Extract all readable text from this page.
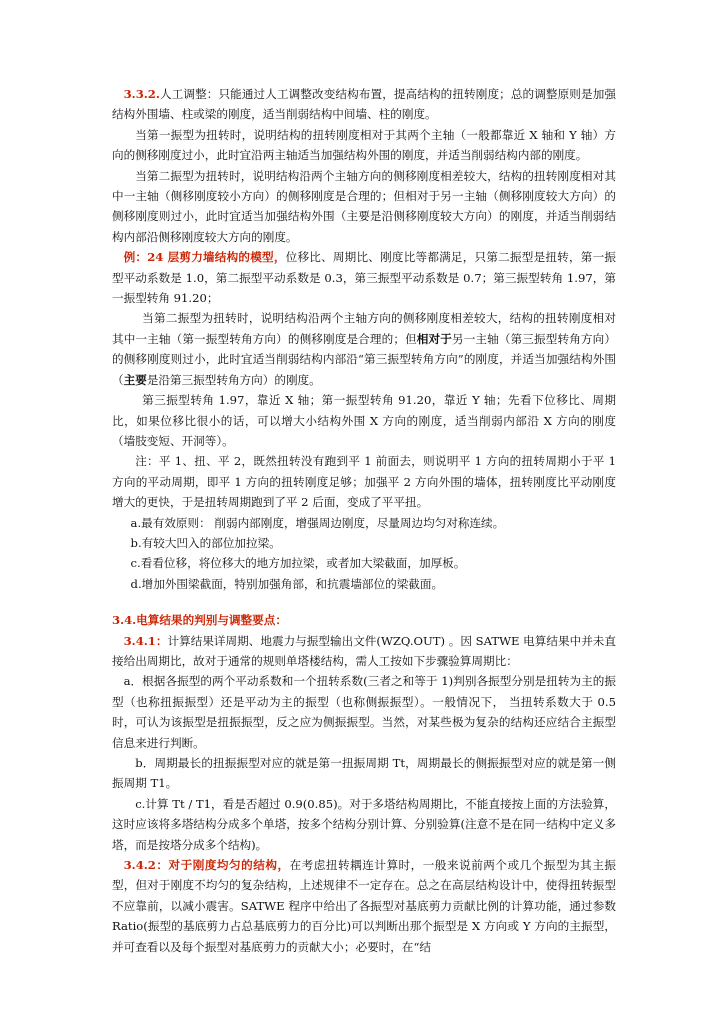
3.3.2.人工调整：只能通过人工调整改变结构布置，提高结构的扭转刚度；总的调整原则是加强结构外围墙、柱或梁的刚度，适当削弱结构中间墙、柱的刚度。

当第一振型为扭转时，说明结构的扭转刚度相对于其两个主轴（一般都靠近 X 轴和 Y 轴）方向的侧移刚度过小，此时宜沿两主轴适当加强结构外围的刚度，并适当削弱结构内部的刚度。

当第二振型为扭转时，说明结构沿两个主轴方向的侧移刚度相差较大，结构的扭转刚度相对其中一主轴（侧移刚度较小方向）的侧移刚度是合理的；但相对于另一主轴（侧移刚度较大方向）的侧移刚度则过小，此时宜适当加强结构外围（主要是沿侧移刚度较大方向）的刚度，并适当削弱结构内部沿侧移刚度较大方向的刚度。

例：24 层剪力墙结构的模型，位移比、周期比、刚度比等都满足，只第二振型是扭转，第一振型平动系数是 1.0，第二振型平动系数是 0.3，第三振型平动系数是 0.7；第三振型转角 1.97，第一振型转角 91.20；

当第二振型为扭转时，说明结构沿两个主轴方向的侧移刚度相差较大，结构的扭转刚度相对其中一主轴（第一振型转角方向）的侧移刚度是合理的；但相对于另一主轴（第三振型转角方向）的侧移刚度则过小，此时宜适当削弱结构内部沿“第三振型转角方向”的刚度，并适当加强结构外围（主要是沿第三振型转角方向）的刚度。

第三振型转角 1.97，靠近 X 轴；第一振型转角 91.20，靠近 Y 轴；先看下位移比、周期比，如果位移比很小的话，可以增大小结构外围 X 方向的刚度，适当削弱内部沿 X 方向的刚度（墙肢变短、开洞等）。

注：平 1、扭、平 2，既然扭转没有跑到平 1 前面去，则说明平 1 方向的扭转周期小于平 1 方向的平动周期，即平 1 方向的扭转刚度足够；加强平 2 方向外围的墙体，扭转刚度比平动刚度增大的更快，于是扭转周期跑到了平 2 后面，变成了平平扭。

a.最有效原则： 削弱内部刚度，增强周边刚度，尽量周边均匀对称连续。

b.有较大凹入的部位加拉梁。

c.看看位移，将位移大的地方加拉梁，或者加大梁截面，加厚板。

d.增加外围梁截面，特别加强角部，和抗震墙部位的梁截面。

3.4.电算结果的判别与调整要点：

3.4.1：计算结果详周期、地震力与振型输出文件(WZQ.OUT) 。因 SATWE 电算结果中并未直接给出周期比，故对于通常的规则单塔楼结构，需人工按如下步骤验算周期比：

a．根据各振型的两个平动系数和一个扭转系数(三者之和等于 1)判别各振型分别是扭转为主的振型（也称扭振振型）还是平动为主的振型（也称侧振振型）。一般情况下， 当扭转系数大于 0.5 时，可认为该振型是扭振振型，反之应为侧振振型。当然，对某些极为复杂的结构还应结合主振型信息来进行判断。

b．周期最长的扭振振型对应的就是第一扭振周期 Tt，周期最长的侧振振型对应的就是第一侧振周期 T1。

c.计算 Tt / T1，看是否超过 0.9(0.85)。对于多塔结构周期比，不能直接按上面的方法验算，这时应该将多塔结构分成多个单塔，按多个结构分别计算、分别验算(注意不是在同一结构中定义多塔，而是按塔分成多个结构)。

3.4.2：对于刚度均匀的结构，在考虑扭转耦连计算时，一般来说前两个或几个振型为其主振型，但对于刚度不均匀的复杂结构，上述规律不一定存在。总之在高层结构设计中，使得扭转振型不应靠前，以减小震害。SATWE 程序中给出了各振型对基底剪力贡献比例的计算功能，通过参数 Ratio(振型的基底剪力占总基底剪力的百分比)可以判断出那个振型是 X 方向或 Y 方向的主振型，并可查看以及每个振型对基底剪力的贡献大小；必要时，在“结
